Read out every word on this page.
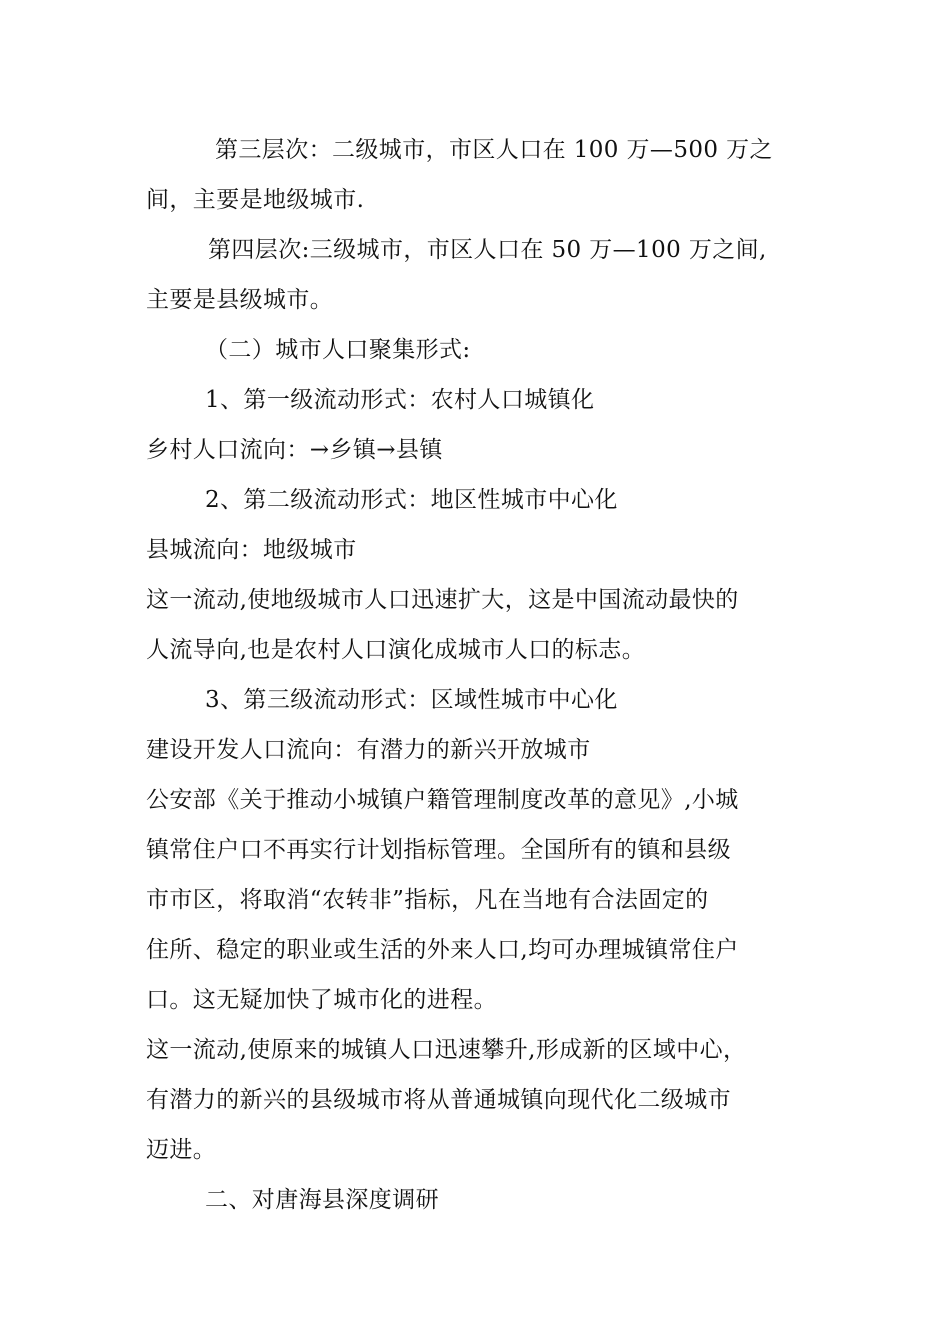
第三层次：二级城市，市区人口在 100 万—500 万之
间，主要是地级城市.
第四层次:三级城市，市区人口在 50 万—100 万之间,
主要是县级城市。
（二）城市人口聚集形式:
1、第一级流动形式：农村人口城镇化
乡村人口流向：→乡镇→县镇
2、第二级流动形式：地区性城市中心化
县城流向：地级城市
这一流动,使地级城市人口迅速扩大，这是中国流动最快的
人流导向,也是农村人口演化成城市人口的标志。
3、第三级流动形式：区域性城市中心化
建设开发人口流向：有潜力的新兴开放城市
公安部《关于推动小城镇户籍管理制度改革的意见》,小城
镇常住户口不再实行计划指标管理。全国所有的镇和县级
市市区，将取消“农转非”指标，凡在当地有合法固定的
住所、稳定的职业或生活的外来人口,均可办理城镇常住户
口。这无疑加快了城市化的进程。
这一流动,使原来的城镇人口迅速攀升,形成新的区域中心，
有潜力的新兴的县级城市将从普通城镇向现代化二级城市
迈进。
二、对唐海县深度调研
